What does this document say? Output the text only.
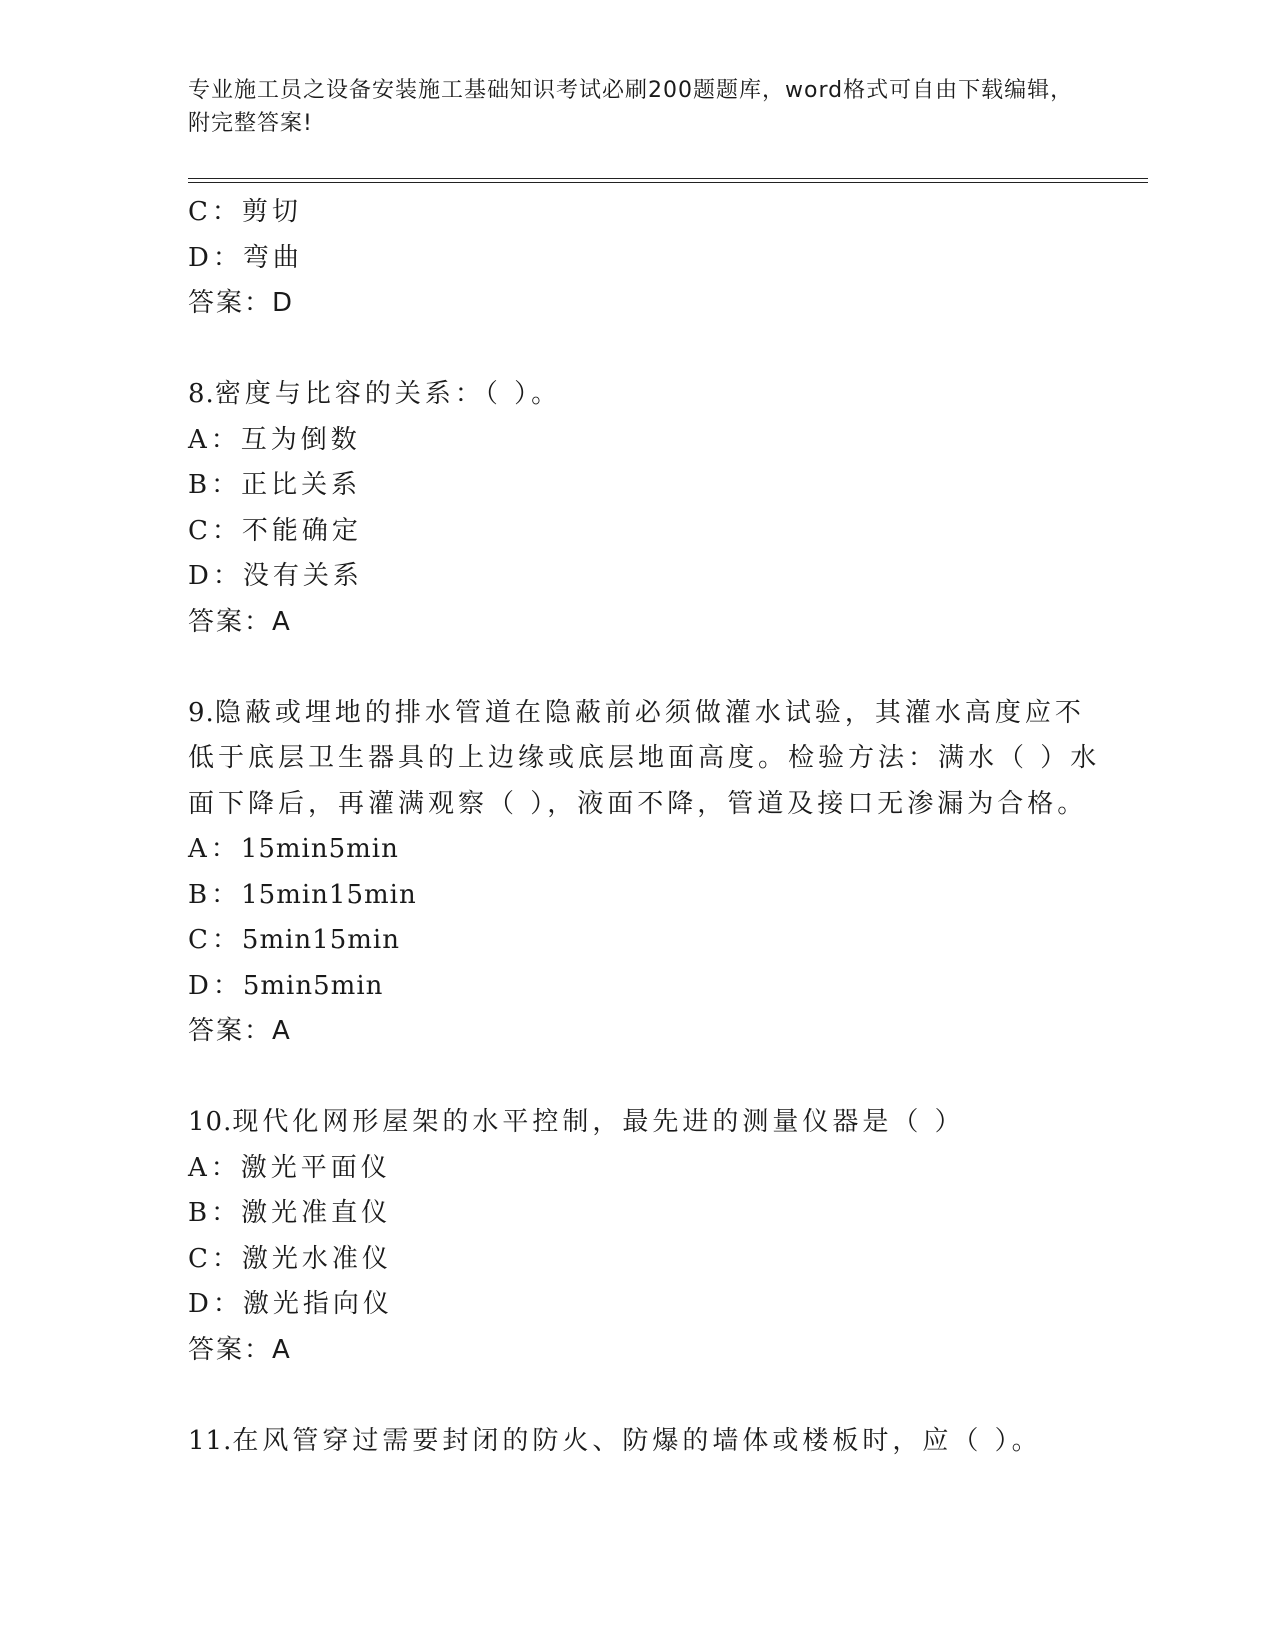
专业施工员之设备安装施工基础知识考试必刷200题题库，word格式可自由下载编辑，附完整答案!
C：剪切
D：弯曲
答案：D
8.密度与比容的关系：（ ）。
A：互为倒数
B：正比关系
C：不能确定
D：没有关系
答案：A
9.隐蔽或埋地的排水管道在隐蔽前必须做灌水试验，其灌水高度应不
低于底层卫生器具的上边缘或底层地面高度。检验方法：满水（ ）水
面下降后，再灌满观察（ ），液面不降，管道及接口无渗漏为合格。
A：15min5min
B：15min15min
C：5min15min
D：5min5min
答案：A
10.现代化网形屋架的水平控制，最先进的测量仪器是（ ）
A：激光平面仪
B：激光准直仪
C：激光水准仪
D：激光指向仪
答案：A
11.在风管穿过需要封闭的防火、防爆的墙体或楼板时，应（ ）。
